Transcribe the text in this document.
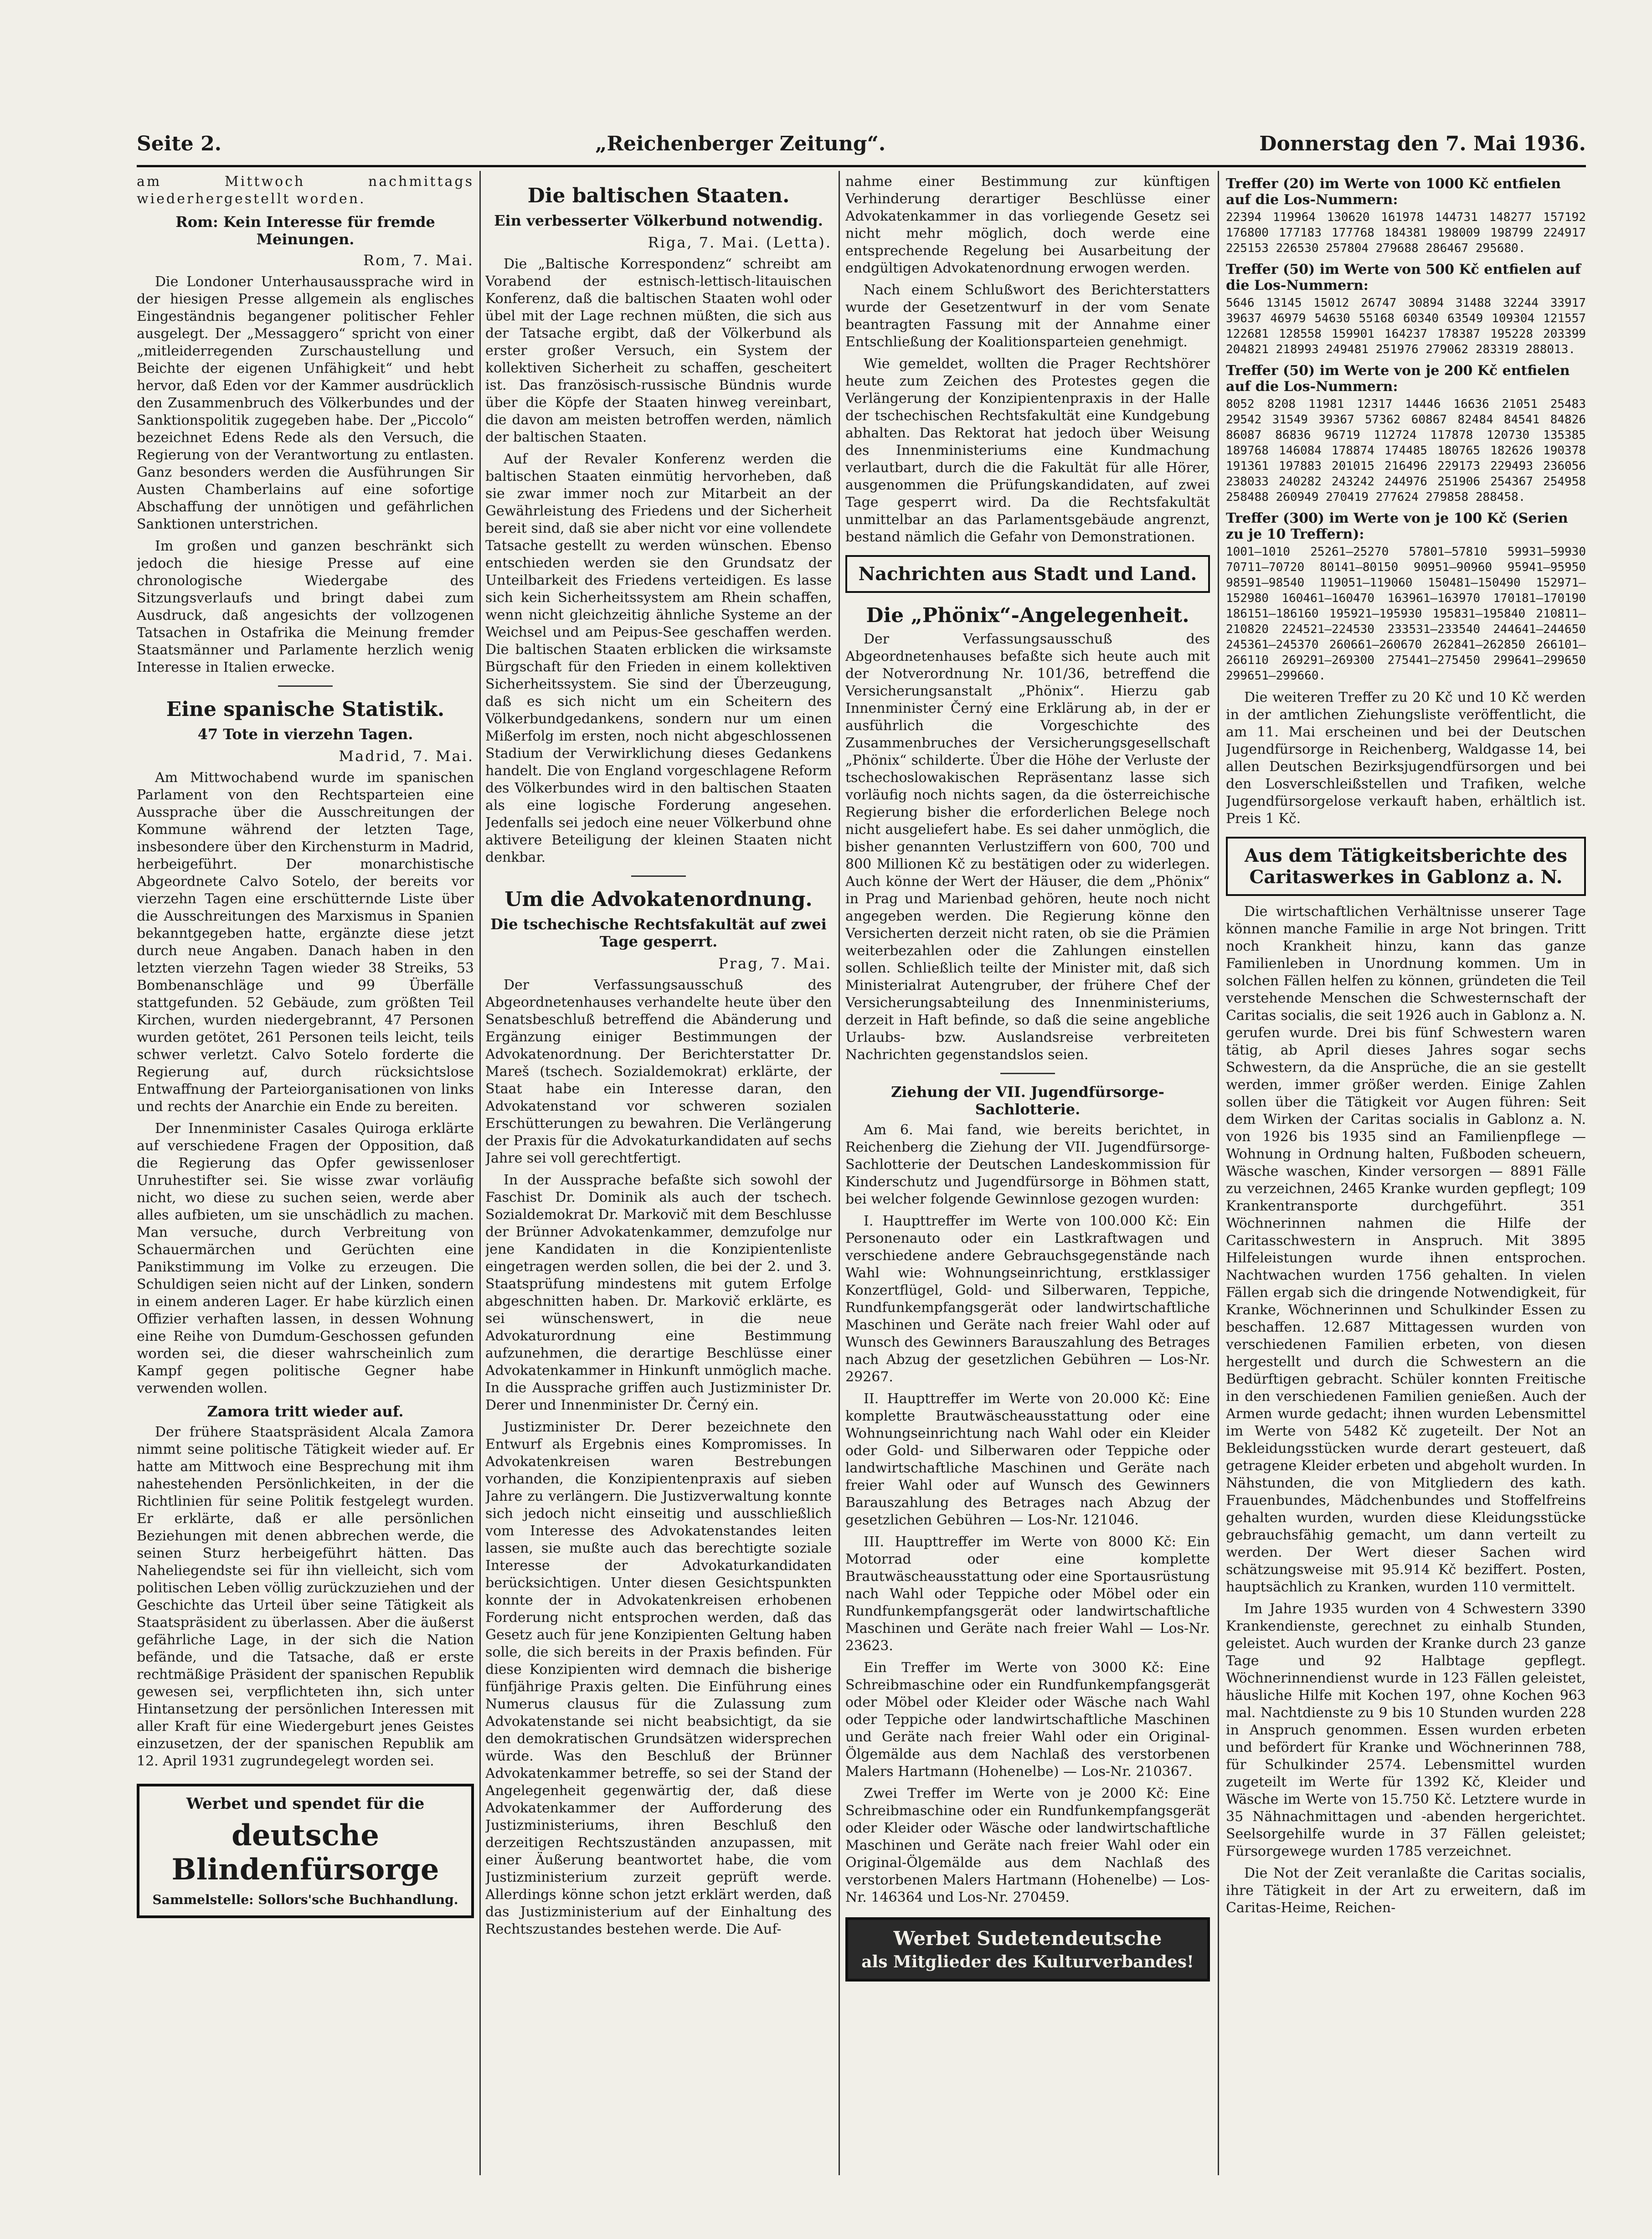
Seite 2.	„Reichenberger Zeitung“.	Donnerstag den 7. Mai 1936.

am Mittwoch nachmittags wiederhergestellt worden.

Rom: Kein Interesse für fremde Meinungen.
Rom, 7. Mai.

Die Londoner Unterhausaussprache wird in der hiesigen Presse allgemein als englisches Eingeständnis begangener politischer Fehler ausgelegt. Der „Messaggero“ spricht von einer „mitleiderregenden Zurschaustellung und Beichte der eigenen Unfähigkeit“ und hebt hervor, daß Eden vor der Kammer ausdrücklich den Zusammenbruch des Völkerbundes und der Sanktionspolitik zugegeben habe. Der „Piccolo“ bezeichnet Edens Rede als den Versuch, die Regierung von der Verantwortung zu entlasten. Ganz besonders werden die Ausführungen Sir Austen Chamberlains auf eine sofortige Abschaffung der unnötigen und gefährlichen Sanktionen unterstrichen.

Im großen und ganzen beschränkt sich jedoch die hiesige Presse auf eine chronologische Wiedergabe des Sitzungsverlaufs und bringt dabei zum Ausdruck, daß angesichts der vollzogenen Tatsachen in Ostafrika die Meinung fremder Staatsmänner und Parlamente herzlich wenig Interesse in Italien erwecke.

Eine spanische Statistik.
47 Tote in vierzehn Tagen.
Madrid, 7. Mai.

Am Mittwochabend wurde im spanischen Parlament von den Rechtsparteien eine Aussprache über die Ausschreitungen der Kommune während der letzten Tage, insbesondere über den Kirchensturm in Madrid, herbeigeführt. Der monarchistische Abgeordnete Calvo Sotelo, der bereits vor vierzehn Tagen eine erschütternde Liste über die Ausschreitungen des Marxismus in Spanien bekanntgegeben hatte, ergänzte diese jetzt durch neue Angaben. Danach haben in den letzten vierzehn Tagen wieder 38 Streiks, 53 Bombenanschläge und 99 Überfälle stattgefunden. 52 Gebäude, zum größten Teil Kirchen, wurden niedergebrannt, 47 Personen wurden getötet, 261 Personen teils leicht, teils schwer verletzt. Calvo Sotelo forderte die Regierung auf, durch rücksichtslose Entwaffnung der Parteiorganisationen von links und rechts der Anarchie ein Ende zu bereiten.

Der Innenminister Casales Quiroga erklärte auf verschiedene Fragen der Opposition, daß die Regierung das Opfer gewissenloser Unruhestifter sei. Sie wisse zwar vorläufig nicht, wo diese zu suchen seien, werde aber alles aufbieten, um sie unschädlich zu machen. Man versuche, durch Verbreitung von Schauermärchen und Gerüchten eine Panikstimmung im Volke zu erzeugen. Die Schuldigen seien nicht auf der Linken, sondern in einem anderen Lager. Er habe kürzlich einen Offizier verhaften lassen, in dessen Wohnung eine Reihe von Dumdum-Geschossen gefunden worden sei, die dieser wahrscheinlich zum Kampf gegen politische Gegner habe verwenden wollen.

Zamora tritt wieder auf.

Der frühere Staatspräsident Alcala Zamora nimmt seine politische Tätigkeit wieder auf. Er hatte am Mittwoch eine Besprechung mit ihm nahestehenden Persönlichkeiten, in der die Richtlinien für seine Politik festgelegt wurden. Er erklärte, daß er alle persönlichen Beziehungen mit denen abbrechen werde, die seinen Sturz herbeigeführt hätten. Das Naheliegendste sei für ihn vielleicht, sich vom politischen Leben völlig zurückzuziehen und der Geschichte das Urteil über seine Tätigkeit als Staatspräsident zu überlassen. Aber die äußerst gefährliche Lage, in der sich die Nation befände, und die Tatsache, daß er erste rechtmäßige Präsident der spanischen Republik gewesen sei, verpflichteten ihn, sich unter Hintansetzung der persönlichen Interessen mit aller Kraft für eine Wiedergeburt jenes Geistes einzusetzen, der der spanischen Republik am 12. April 1931 zugrundegelegt worden sei.

Werbet und spendet für die
deutsche Blindenfürsorge
Sammelstelle: Sollors'sche Buchhandlung.
Die baltischen Staaten.
Ein verbesserter Völkerbund notwendig.
Riga, 7. Mai. (Letta).

Die „Baltische Korrespondenz“ schreibt am Vorabend der estnisch-lettisch-litauischen Konferenz, daß die baltischen Staaten wohl oder übel mit der Lage rechnen müßten, die sich aus der Tatsache ergibt, daß der Völkerbund als erster großer Versuch, ein System der kollektiven Sicherheit zu schaffen, gescheitert ist. Das französisch-russische Bündnis wurde über die Köpfe der Staaten hinweg vereinbart, die davon am meisten betroffen werden, nämlich der baltischen Staaten.

Auf der Revaler Konferenz werden die baltischen Staaten einmütig hervorheben, daß sie zwar immer noch zur Mitarbeit an der Gewährleistung des Friedens und der Sicherheit bereit sind, daß sie aber nicht vor eine vollendete Tatsache gestellt zu werden wünschen. Ebenso entschieden werden sie den Grundsatz der Unteilbarkeit des Friedens verteidigen. Es lasse sich kein Sicherheitssystem am Rhein schaffen, wenn nicht gleichzeitig ähnliche Systeme an der Weichsel und am Peipus-See geschaffen werden. Die baltischen Staaten erblicken die wirksamste Bürgschaft für den Frieden in einem kollektiven Sicherheitssystem. Sie sind der Überzeugung, daß es sich nicht um ein Scheitern des Völkerbundgedankens, sondern nur um einen Mißerfolg im ersten, noch nicht abgeschlossenen Stadium der Verwirklichung dieses Gedankens handelt. Die von England vorgeschlagene Reform des Völkerbundes wird in den baltischen Staaten als eine logische Forderung angesehen. Jedenfalls sei jedoch eine neuer Völkerbund ohne aktivere Beteiligung der kleinen Staaten nicht denkbar.

Um die Advokatenordnung.
Die tschechische Rechtsfakultät auf zwei Tage gesperrt.
Prag, 7. Mai.

Der Verfassungsausschuß des Abgeordnetenhauses verhandelte heute über den Senatsbeschluß betreffend die Abänderung und Ergänzung einiger Bestimmungen der Advokatenordnung. Der Berichterstatter Dr. Mareš (tschech. Sozialdemokrat) erklärte, der Staat habe ein Interesse daran, den Advokatenstand vor schweren sozialen Erschütterungen zu bewahren. Die Verlängerung der Praxis für die Advokaturkandidaten auf sechs Jahre sei voll gerechtfertigt.

In der Aussprache befaßte sich sowohl der Faschist Dr. Dominik als auch der tschech. Sozialdemokrat Dr. Markovič mit dem Beschlusse der Brünner Advokatenkammer, demzufolge nur jene Kandidaten in die Konzipientenliste eingetragen werden sollen, die bei der 2. und 3. Staatsprüfung mindestens mit gutem Erfolge abgeschnitten haben. Dr. Markovič erklärte, es sei wünschenswert, in die neue Advokaturordnung eine Bestimmung aufzunehmen, die derartige Beschlüsse einer Advokatenkammer in Hinkunft unmöglich mache. In die Aussprache griffen auch Justizminister Dr. Derer und Innenminister Dr. Černý ein.

Justizminister Dr. Derer bezeichnete den Entwurf als Ergebnis eines Kompromisses. In Advokatenkreisen waren Bestrebungen vorhanden, die Konzipientenpraxis auf sieben Jahre zu verlängern. Die Justizverwaltung konnte sich jedoch nicht einseitig und ausschließlich vom Interesse des Advokatenstandes leiten lassen, sie mußte auch das berechtigte soziale Interesse der Advokaturkandidaten berücksichtigen. Unter diesen Gesichtspunkten konnte der in Advokatenkreisen erhobenen Forderung nicht entsprochen werden, daß das Gesetz auch für jene Konzipienten Geltung haben solle, die sich bereits in der Praxis befinden. Für diese Konzipienten wird demnach die bisherige fünfjährige Praxis gelten. Die Einführung eines Numerus clausus für die Zulassung zum Advokatenstande sei nicht beabsichtigt, da sie den demokratischen Grundsätzen widersprechen würde. Was den Beschluß der Brünner Advokatenkammer betreffe, so sei der Stand der Angelegenheit gegenwärtig der, daß diese Advokatenkammer der Aufforderung des Justizministeriums, ihren Beschluß den derzeitigen Rechtszuständen anzupassen, mit einer Äußerung beantwortet habe, die vom Justizministerium zurzeit geprüft werde. Allerdings könne schon jetzt erklärt werden, daß das Justizministerium auf der Einhaltung des Rechtszustandes bestehen werde. Die Auf-

nahme einer Bestimmung zur künftigen Verhinderung derartiger Beschlüsse einer Advokatenkammer in das vorliegende Gesetz sei nicht mehr möglich, doch werde eine entsprechende Regelung bei Ausarbeitung der endgültigen Advokatenordnung erwogen werden.

Nach einem Schlußwort des Berichterstatters wurde der Gesetzentwurf in der vom Senate beantragten Fassung mit der Annahme einer Entschließung der Koalitionsparteien genehmigt.

Wie gemeldet, wollten die Prager Rechtshörer heute zum Zeichen des Protestes gegen die Verlängerung der Konzipientenpraxis in der Halle der tschechischen Rechtsfakultät eine Kundgebung abhalten. Das Rektorat hat jedoch über Weisung des Innenministeriums eine Kundmachung verlautbart, durch die die Fakultät für alle Hörer, ausgenommen die Prüfungskandidaten, auf zwei Tage gesperrt wird. Da die Rechtsfakultät unmittelbar an das Parlamentsgebäude angrenzt, bestand nämlich die Gefahr von Demonstrationen.

Nachrichten aus Stadt und Land.
Die „Phönix“-Angelegenheit.

Der Verfassungsausschuß des Abgeordnetenhauses befaßte sich heute auch mit der Notverordnung Nr. 101/36, betreffend die Versicherungsanstalt „Phönix“. Hierzu gab Innenminister Černý eine Erklärung ab, in der er ausführlich die Vorgeschichte des Zusammenbruches der Versicherungsgesellschaft „Phönix“ schilderte. Über die Höhe der Verluste der tschechoslowakischen Repräsentanz lasse sich vorläufig noch nichts sagen, da die österreichische Regierung bisher die erforderlichen Belege noch nicht ausgeliefert habe. Es sei daher unmöglich, die bisher genannten Verlustziffern von 600, 700 und 800 Millionen Kč zu bestätigen oder zu widerlegen. Auch könne der Wert der Häuser, die dem „Phönix“ in Prag und Marienbad gehören, heute noch nicht angegeben werden. Die Regierung könne den Versicherten derzeit nicht raten, ob sie die Prämien weiterbezahlen oder die Zahlungen einstellen sollen. Schließlich teilte der Minister mit, daß sich Ministerialrat Autengruber, der frühere Chef der Versicherungsabteilung des Innenministeriums, derzeit in Haft befinde, so daß die seine angebliche Urlaubs- bzw. Auslandsreise verbreiteten Nachrichten gegenstandslos seien.

Ziehung der VII. Jugendfürsorge-Sachlotterie.

Am 6. Mai fand, wie bereits berichtet, in Reichenberg die Ziehung der VII. Jugendfürsorge-Sachlotterie der Deutschen Landeskommission für Kinderschutz und Jugendfürsorge in Böhmen statt, bei welcher folgende Gewinnlose gezogen wurden:

I. Haupttreffer im Werte von 100.000 Kč: Ein Personenauto oder ein Lastkraftwagen und verschiedene andere Gebrauchsgegenstände nach Wahl wie: Wohnungseinrichtung, erstklassiger Konzertflügel, Gold- und Silberwaren, Teppiche, Rundfunkempfangsgerät oder landwirtschaftliche Maschinen und Geräte nach freier Wahl oder auf Wunsch des Gewinners Barauszahlung des Betrages nach Abzug der gesetzlichen Gebühren — Los-Nr. 29267.

II. Haupttreffer im Werte von 20.000 Kč: Eine komplette Brautwäscheausstattung oder eine Wohnungseinrichtung nach Wahl oder ein Kleider oder Gold- und Silberwaren oder Teppiche oder landwirtschaftliche Maschinen und Geräte nach freier Wahl oder auf Wunsch des Gewinners Barauszahlung des Betrages nach Abzug der gesetzlichen Gebühren — Los-Nr. 121046.

III. Haupttreffer im Werte von 8000 Kč: Ein Motorrad oder eine komplette Brautwäscheausstattung oder eine Sportausrüstung nach Wahl oder Teppiche oder Möbel oder ein Rundfunkempfangsgerät oder landwirtschaftliche Maschinen und Geräte nach freier Wahl — Los-Nr. 23623.

Ein Treffer im Werte von 3000 Kč: Eine Schreibmaschine oder ein Rundfunkempfangsgerät oder Möbel oder Kleider oder Wäsche nach Wahl oder Teppiche oder landwirtschaftliche Maschinen und Geräte nach freier Wahl oder ein Original-Ölgemälde aus dem Nachlaß des verstorbenen Malers Hartmann (Hohenelbe) — Los-Nr. 210367.

Zwei Treffer im Werte von je 2000 Kč: Eine Schreibmaschine oder ein Rundfunkempfangsgerät oder Kleider oder Wäsche oder landwirtschaftliche Maschinen und Geräte nach freier Wahl oder ein Original-Ölgemälde aus dem Nachlaß des verstorbenen Malers Hartmann (Hohenelbe) — Los-Nr. 146364 und Los-Nr. 270459.

Werbet Sudetendeutsche
als Mitglieder des Kulturverbandes!
Treffer (20) im Werte von 1000 Kč entfielen auf die Los-Nummern:
22394 119964 130620 161978 144731 148277 157192 176800 177183 177768 184381 198009 198799 224917 225153 226530 257804 279688 286467 295680.
Treffer (50) im Werte von 500 Kč entfielen auf die Los-Nummern:
5646 13145 15012 26747 30894 31488 32244 33917 39637 46979 54630 55168 60340 63549 109304 121557 122681 128558 159901 164237 178387 195228 203399 204821 218993 249481 251976 279062 283319 288013.
Treffer (50) im Werte von je 200 Kč entfielen auf die Los-Nummern:
8052 8208 11981 12317 14446 16636 21051 25483 29542 31549 39367 57362 60867 82484 84541 84826 86087 86836 96719 112724 117878 120730 135385 189768 146084 178874 174485 180765 182626 190378 191361 197883 201015 216496 229173 229493 236056 238033 240282 243242 244976 251906 254367 254958 258488 260949 270419 277624 279858 288458.
Treffer (300) im Werte von je 100 Kč (Serien zu je 10 Treffern):
1001—1010 25261—25270 57801—57810 59931—59930 70711—70720 80141—80150 90951—90960 95941—95950 98591—98540 119051—119060 150481—150490 152971—152980 160461—160470 163961—163970 170181—170190 186151—186160 195921—195930 195831—195840 210811—210820 224521—224530 233531—233540 244641—244650 245361—245370 260661—260670 262841—262850 266101—266110 269291—269300 275441—275450 299641—299650 299651—299660.

Die weiteren Treffer zu 20 Kč und 10 Kč werden in der amtlichen Ziehungsliste veröffentlicht, die am 11. Mai erscheinen und bei der Deutschen Jugendfürsorge in Reichenberg, Waldgasse 14, bei allen Deutschen Bezirksjugendfürsorgen und bei den Losverschleißstellen und Trafiken, welche Jugendfürsorgelose verkauft haben, erhältlich ist. Preis 1 Kč.

Aus dem Tätigkeitsberichte des Caritaswerkes in Gablonz a. N.

Die wirtschaftlichen Verhältnisse unserer Tage können manche Familie in arge Not bringen. Tritt noch Krankheit hinzu, kann das ganze Familienleben in Unordnung kommen. Um in solchen Fällen helfen zu können, gründeten die Teil verstehende Menschen die Schwesternschaft der Caritas socialis, die seit 1926 auch in Gablonz a. N. gerufen wurde. Drei bis fünf Schwestern waren tätig, ab April dieses Jahres sogar sechs Schwestern, da die Ansprüche, die an sie gestellt werden, immer größer werden. Einige Zahlen sollen über die Tätigkeit vor Augen führen: Seit dem Wirken der Caritas socialis in Gablonz a. N. von 1926 bis 1935 sind an Familienpflege — Wohnung in Ordnung halten, Fußboden scheuern, Wäsche waschen, Kinder versorgen — 8891 Fälle zu verzeichnen, 2465 Kranke wurden gepflegt; 109 Krankentransporte durchgeführt. 351 Wöchnerinnen nahmen die Hilfe der Caritasschwestern in Anspruch. Mit 3895 Hilfeleistungen wurde ihnen entsprochen. Nachtwachen wurden 1756 gehalten. In vielen Fällen ergab sich die dringende Notwendigkeit, für Kranke, Wöchnerinnen und Schulkinder Essen zu beschaffen. 12.687 Mittagessen wurden von verschiedenen Familien erbeten, von diesen hergestellt und durch die Schwestern an die Bedürftigen gebracht. Schüler konnten Freitische in den verschiedenen Familien genießen. Auch der Armen wurde gedacht; ihnen wurden Lebensmittel im Werte von 5482 Kč zugeteilt. Der Not an Bekleidungsstücken wurde derart gesteuert, daß getragene Kleider erbeten und abgeholt wurden. In Nähstunden, die von Mitgliedern des kath. Frauenbundes, Mädchenbundes und Stoffelfreins gehalten wurden, wurden diese Kleidungsstücke gebrauchsfähig gemacht, um dann verteilt zu werden. Der Wert dieser Sachen wird schätzungsweise mit 95.914 Kč beziffert. Posten, hauptsächlich zu Kranken, wurden 110 vermittelt.

Im Jahre 1935 wurden von 4 Schwestern 3390 Krankendienste, gerechnet zu einhalb Stunden, geleistet. Auch wurden der Kranke durch 23 ganze Tage und 92 Halbtage gepflegt. Wöchnerinnendienst wurde in 123 Fällen geleistet, häusliche Hilfe mit Kochen 197, ohne Kochen 963 mal. Nachtdienste zu 9 bis 10 Stunden wurden 228 in Anspruch genommen. Essen wurden erbeten und befördert für Kranke und Wöchnerinnen 788, für Schulkinder 2574. Lebensmittel wurden zugeteilt im Werte für 1392 Kč, Kleider und Wäsche im Werte von 15.750 Kč. Letztere wurde in 35 Nähnachmittagen und -abenden hergerichtet. Seelsorgehilfe wurde in 37 Fällen geleistet; Fürsorgewege wurden 1785 verzeichnet.

Die Not der Zeit veranlaßte die Caritas socialis, ihre Tätigkeit in der Art zu erweitern, daß im Caritas-Heime, Reichen-
